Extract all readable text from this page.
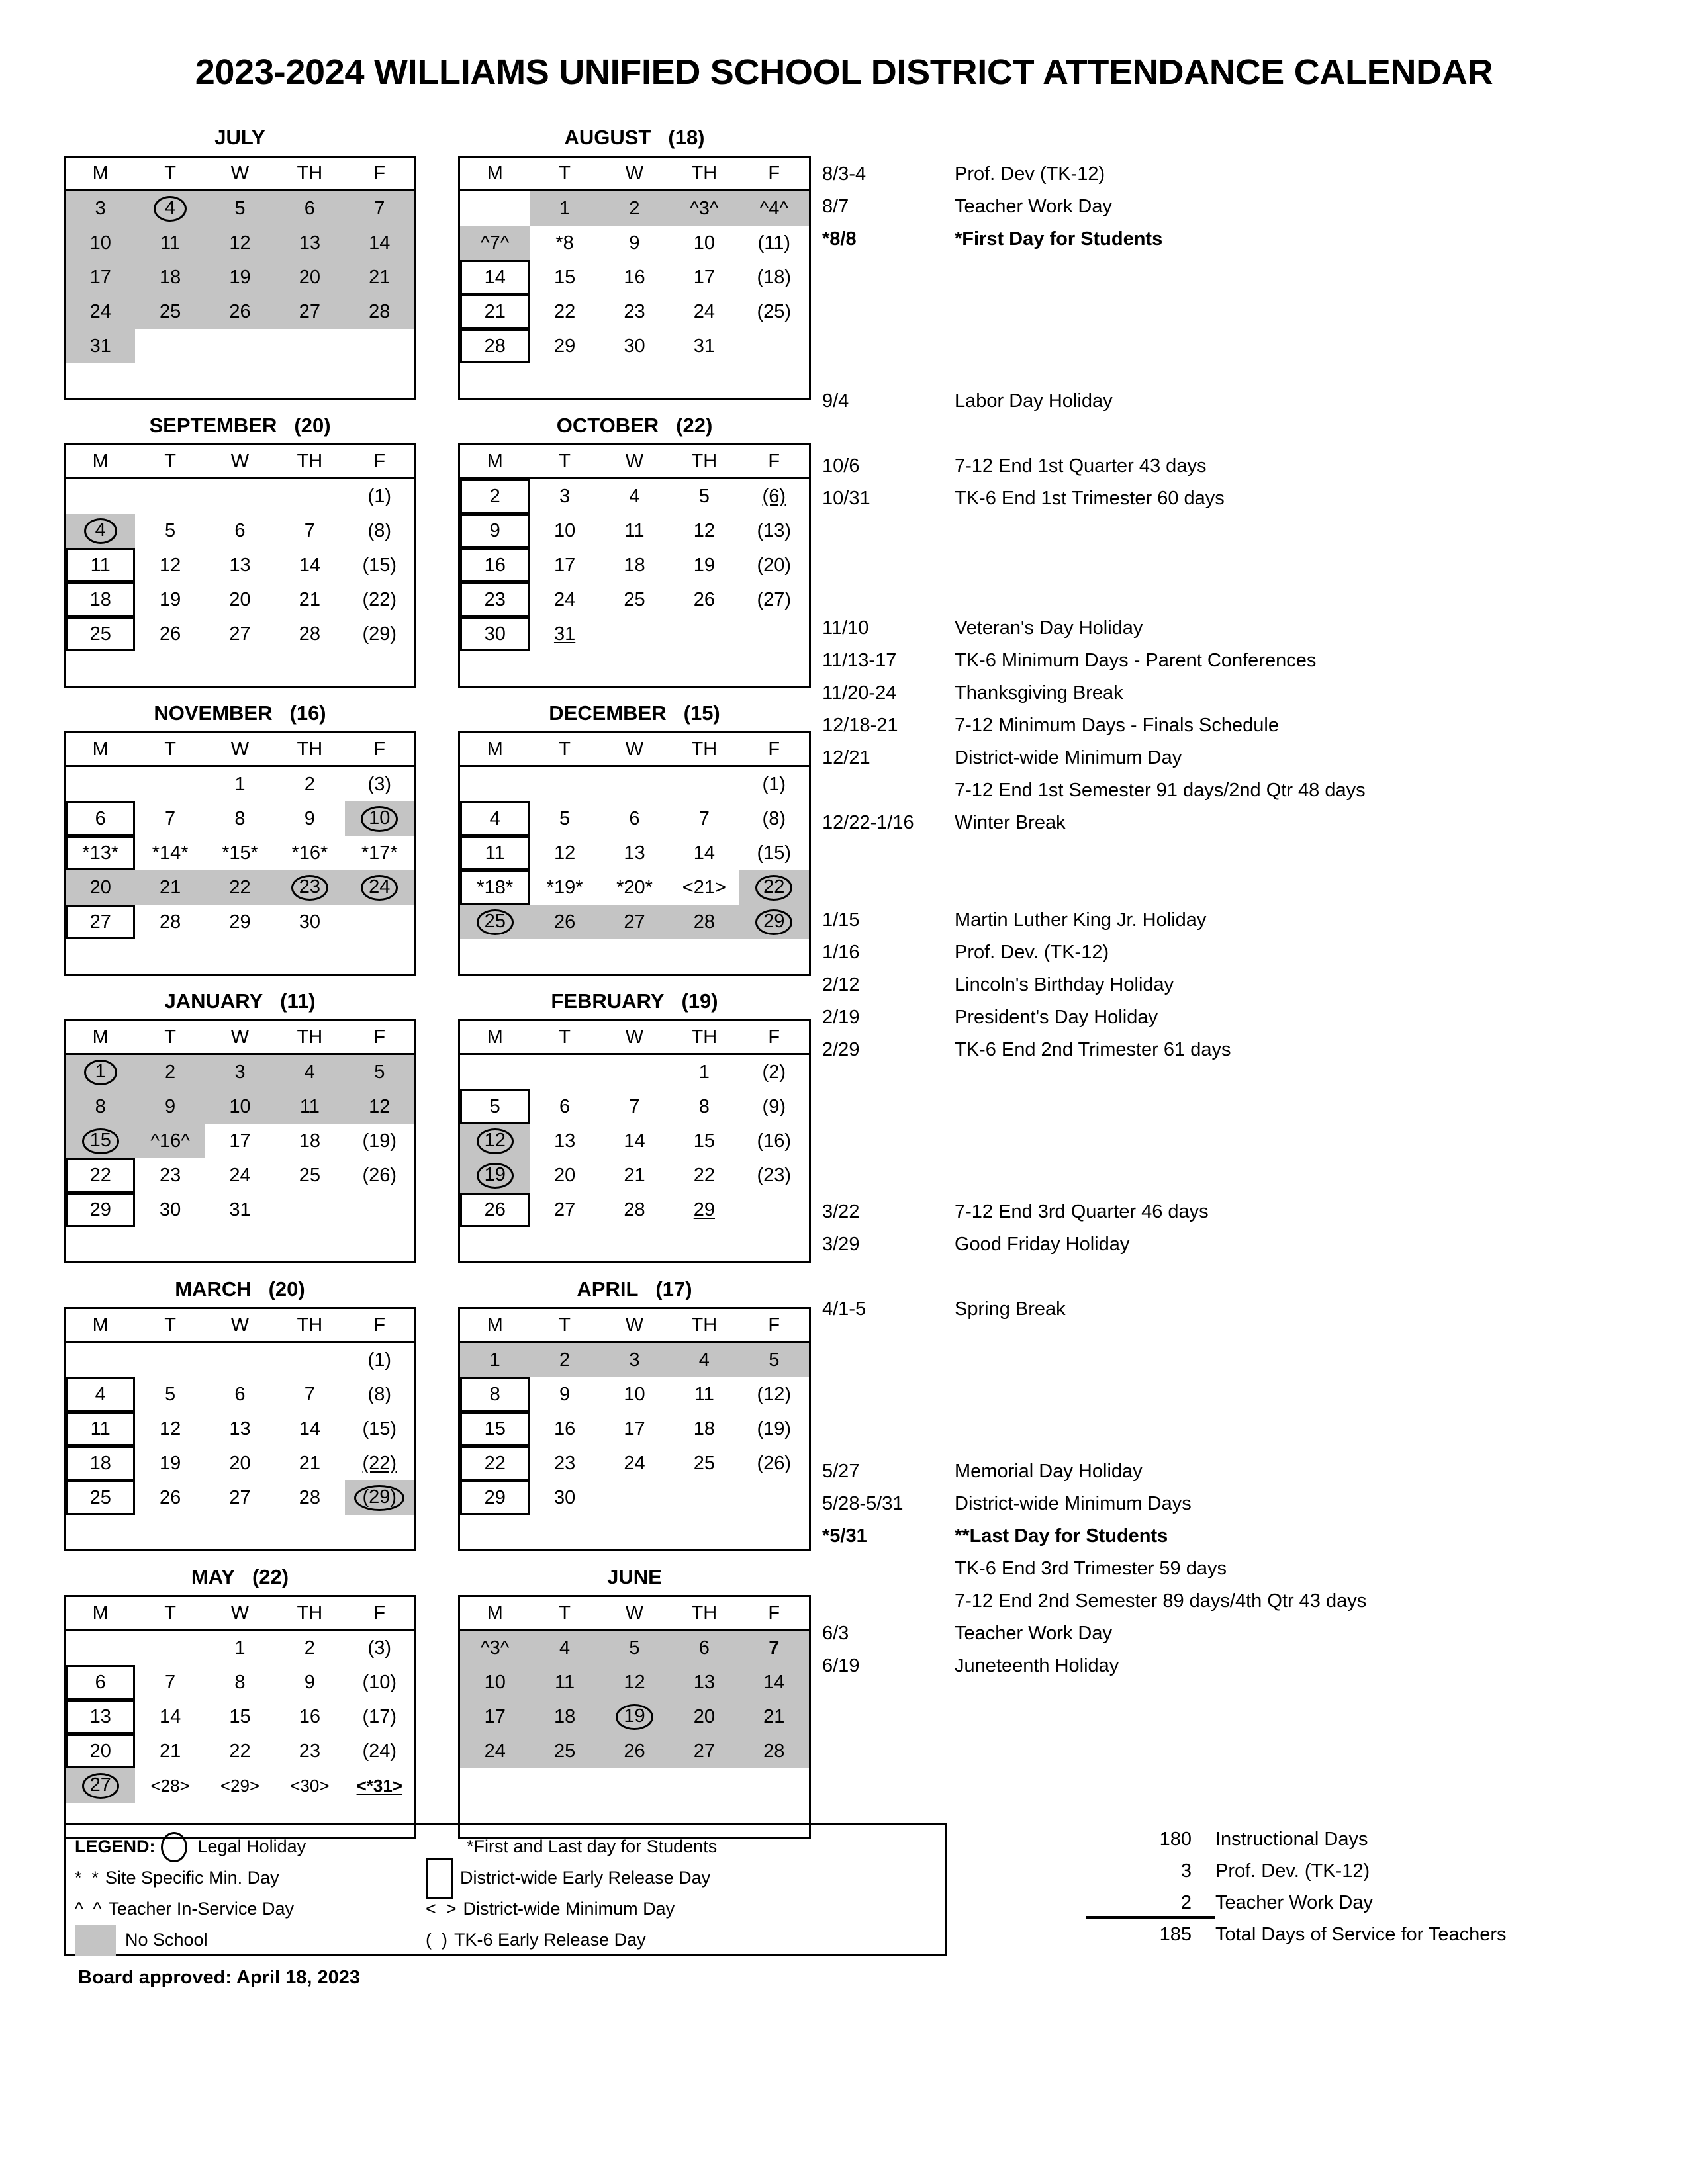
2023-2024 WILLIAMS UNIFIED SCHOOL DISTRICT ATTENDANCE CALENDAR
JULY
M	T	W	TH	F

3	4	5	6	7

10	11	12	13	14

17	18	19	20	21

24	25	26	27	28

31				

AUGUST (18)
M	T	W	TH	F

	1	2	^3^	^4^

^7^	*8	9	10	(11)

14	15	16	17	(18)

21	22	23	24	(25)

28	29	30	31	

SEPTEMBER (20)
M	T	W	TH	F

				(1)

4	5	6	7	(8)

11	12	13	14	(15)

18	19	20	21	(22)

25	26	27	28	(29)

OCTOBER (22)
M	T	W	TH	F

2	3	4	5	(6)

9	10	11	12	(13)

16	17	18	19	(20)

23	24	25	26	(27)

30	31			

NOVEMBER (16)
M	T	W	TH	F

		1	2	(3)

6	7	8	9	10

*13*	*14*	*15*	*16*	*17*

20	21	22	23	24

27	28	29	30	

DECEMBER (15)
M	T	W	TH	F

				(1)

4	5	6	7	(8)

11	12	13	14	(15)

*18*	*19*	*20*	<21>	22

25	26	27	28	29

JANUARY (11)
M	T	W	TH	F

1	2	3	4	5

8	9	10	11	12

15	^16^	17	18	(19)

22	23	24	25	(26)

29	30	31		

FEBRUARY (19)
M	T	W	TH	F

			1	(2)

5	6	7	8	(9)

12	13	14	15	(16)

19	20	21	22	(23)

26	27	28	29	

MARCH (20)
M	T	W	TH	F

				(1)

4	5	6	7	(8)

11	12	13	14	(15)

18	19	20	21	(22)

25	26	27	28	(29)

APRIL (17)
M	T	W	TH	F

1	2	3	4	5

8	9	10	11	(12)

15	16	17	18	(19)

22	23	24	25	(26)

29	30			

MAY (22)
M	T	W	TH	F

		1	2	(3)

6	7	8	9	(10)

13	14	15	16	(17)

20	21	22	23	(24)

27	<28>	<29>	<30>	<*31>

JUNE
M	T	W	TH	F

^3^	4	5	6	7

10	11	12	13	14

17	18	19	20	21

24	25	26	27	28

8/3-4	Prof. Dev (TK-12)
8/7	Teacher Work Day
*8/8	*First Day for Students
9/4	Labor Day Holiday
10/6	7-12 End 1st Quarter 43 days
10/31	TK-6 End 1st Trimester 60 days
11/10	Veteran's Day Holiday
11/13-17	TK-6 Minimum Days - Parent Conferences
11/20-24	Thanksgiving Break
12/18-21	7-12 Minimum Days - Finals Schedule
12/21	District-wide Minimum Day
7-12 End 1st Semester 91 days/2nd Qtr 48 days
12/22-1/16	Winter Break
1/15	Martin Luther King Jr. Holiday
1/16	Prof. Dev. (TK-12)
2/12	Lincoln's Birthday Holiday
2/19	President's Day Holiday
2/29	TK-6 End 2nd Trimester 61 days
3/22	7-12 End 3rd Quarter 46 days
3/29	Good Friday Holiday
4/1-5	Spring Break
5/27	Memorial Day Holiday
5/28-5/31	District-wide Minimum Days
*5/31	**Last Day for Students
TK-6 End 3rd Trimester 59 days
7-12 End 2nd Semester 89 days/4th Qtr 43 days
6/3	Teacher Work Day
6/19	Juneteenth Holiday
LEGEND: Legal Holiday	*First and Last day for Students
*  * Site Specific Min. Day	District-wide Early Release Day
^  ^ Teacher In-Service Day	<  > District-wide Minimum Day
No School	(  ) TK-6 Early Release Day
180	Instructional Days
3	Prof. Dev. (TK-12)
2	Teacher Work Day
185	Total Days of Service for Teachers
Board approved: April 18, 2023
